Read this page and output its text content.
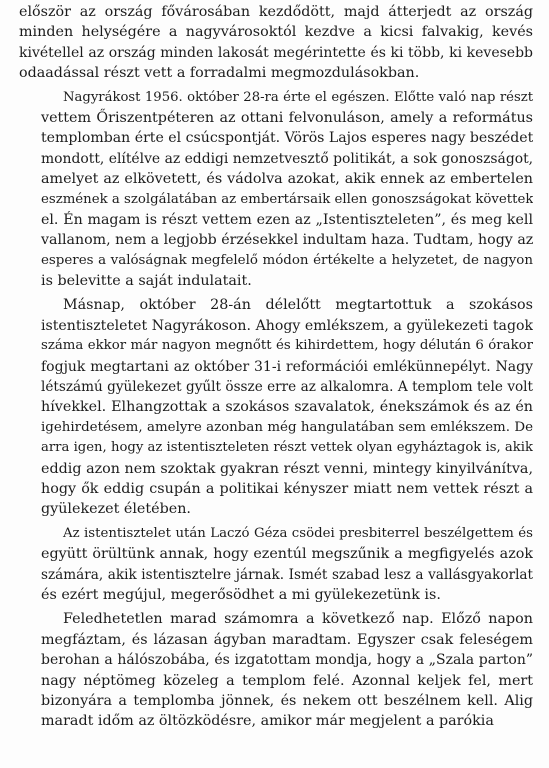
először az ország fővárosában kezdődött, majd átterjedt az ország
minden helységére a nagyvárosoktól kezdve a kicsi falvakig, kevés
kivétellel az ország minden lakosát megérintette és ki több, ki kevesebb
odaadással részt vett a forradalmi megmozdulásokban.
Nagyrákost 1956. október 28-ra érte el egészen. Előtte való nap részt
vettem Őriszentpéteren az ottani felvonuláson, amely a református
templomban érte el csúcspontját. Vörös Lajos esperes nagy beszédet
mondott, elítélve az eddigi nemzetvesztő politikát, a sok gonoszságot,
amelyet az elkövetett, és vádolva azokat, akik ennek az embertelen
eszmének a szolgálatában az embertársaik ellen gonoszságokat követtek
el. Én magam is részt vettem ezen az „Istentiszteleten”, és meg kell
vallanom, nem a legjobb érzésekkel indultam haza. Tudtam, hogy az
esperes a valóságnak megfelelő módon értékelte a helyzetet, de nagyon
is belevitte a saját indulatait.
Másnap, október 28-án délelőtt megtartottuk a szokásos
istentiszteletet Nagyrákoson. Ahogy emlékszem, a gyülekezeti tagok
száma ekkor már nagyon megnőtt és kihirdettem, hogy délután 6 órakor
fogjuk megtartani az október 31-i reformációi emlékünnepélyt. Nagy
létszámú gyülekezet gyűlt össze erre az alkalomra. A templom tele volt
hívekkel. Elhangzottak a szokásos szavalatok, énekszámok és az én
igehirdetésem, amelyre azonban még hangulatában sem emlékszem. De
arra igen, hogy az istentiszteleten részt vettek olyan egyháztagok is, akik
eddig azon nem szoktak gyakran részt venni, mintegy kinyilvánítva,
hogy ők eddig csupán a politikai kényszer miatt nem vettek részt a
gyülekezet életében.
Az istentisztelet után Laczó Géza csödei presbiterrel beszélgettem és
együtt örültünk annak, hogy ezentúl megszűnik a megfigyelés azok
számára, akik istentisztelre járnak. Ismét szabad lesz a vallásgyakorlat
és ezért megújul, megerősödhet a mi gyülekezetünk is.
Feledhetetlen marad számomra a következő nap. Előző napon
megfáztam, és lázasan ágyban maradtam. Egyszer csak feleségem
berohan a hálószobába, és izgatottam mondja, hogy a „Szala parton”
nagy néptömeg közeleg a templom felé. Azonnal keljek fel, mert
bizonyára a templomba jönnek, és nekem ott beszélnem kell. Alig
maradt időm az öltözködésre, amikor már megjelent a parókia
